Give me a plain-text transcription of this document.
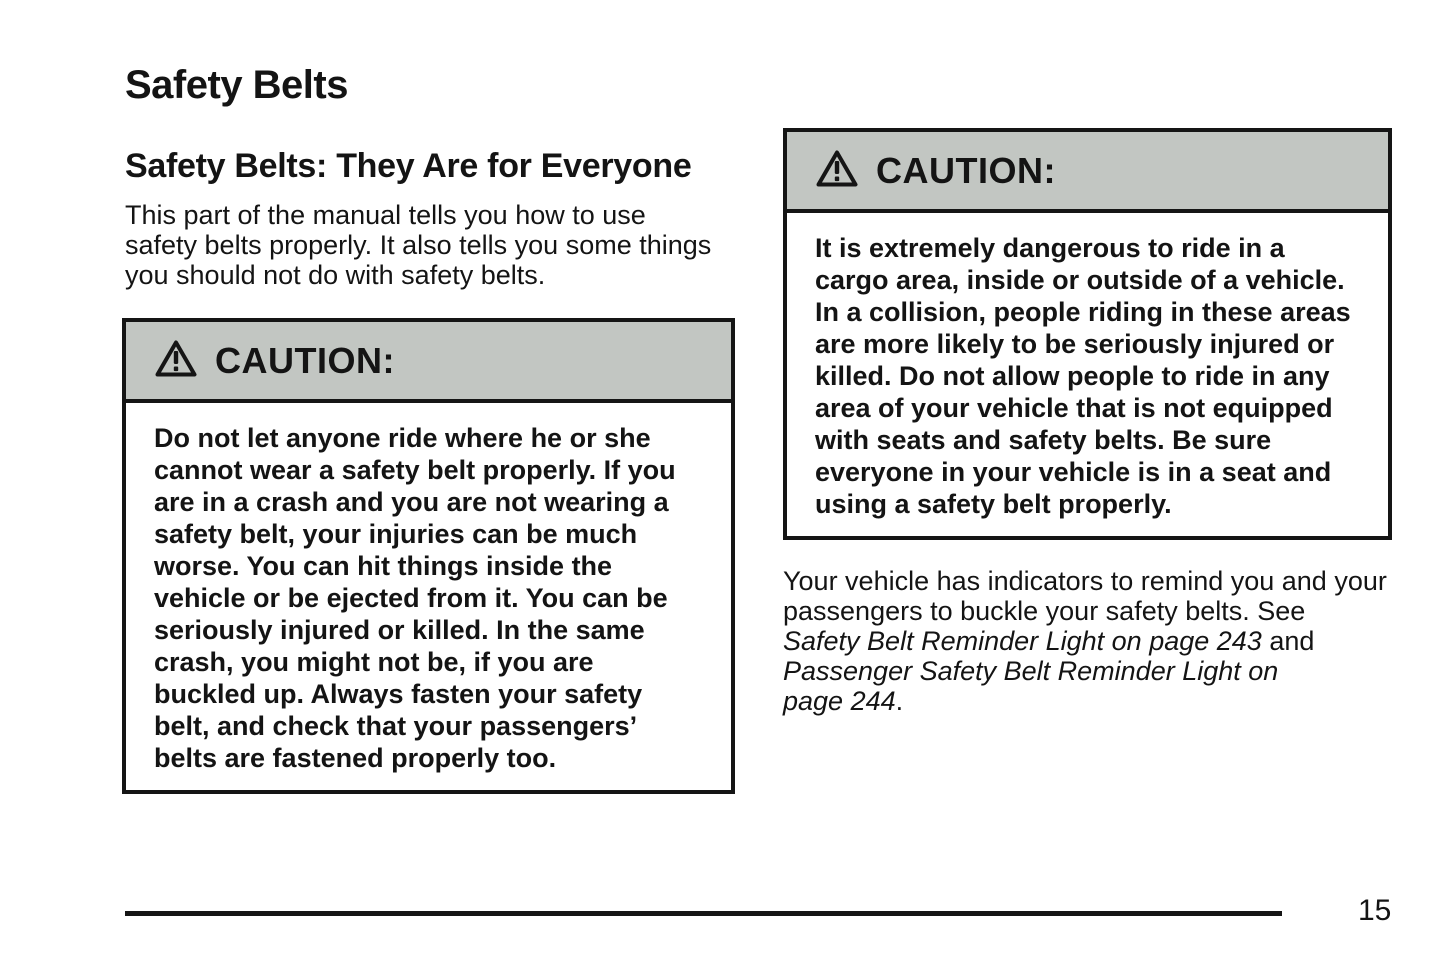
Safety Belts
Safety Belts: They Are for Everyone

This part of the manual tells you how to use safety belts properly. It also tells you some things you should not do with safety belts.

CAUTION:
Do not let anyone ride where he or she cannot wear a safety belt properly. If you are in a crash and you are not wearing a safety belt, your injuries can be much worse. You can hit things inside the vehicle or be ejected from it. You can be seriously injured or killed. In the same crash, you might not be, if you are buckled up. Always fasten your safety belt, and check that your passengers’ belts are fastened properly too.
CAUTION:
It is extremely dangerous to ride in a cargo area, inside or outside of a vehicle. In a collision, people riding in these areas are more likely to be seriously injured or killed. Do not allow people to ride in any area of your vehicle that is not equipped with seats and safety belts. Be sure everyone in your vehicle is in a seat and using a safety belt properly.

Your vehicle has indicators to remind you and your passengers to buckle your safety belts. See Safety Belt Reminder Light on page 243 and Passenger Safety Belt Reminder Light on
page 244.

15
